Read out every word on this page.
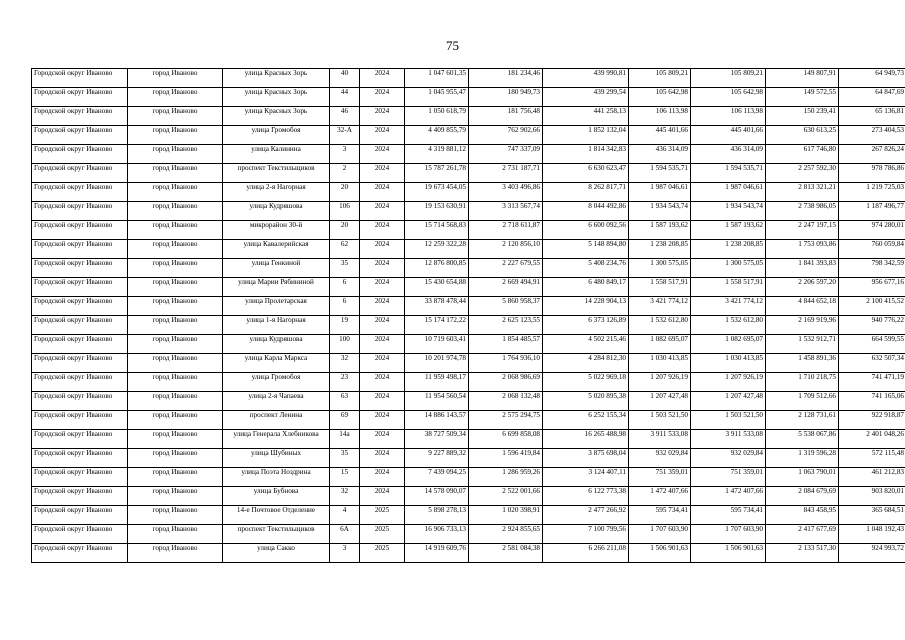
75
Городской округ Иваново	город Иваново	улица Красных Зорь	40	2024	1 047 601,35	181 234,46	439 990,81	105 809,21	105 809,21	149 807,91	64 949,73
Городской округ Иваново	город Иваново	улица Красных Зорь	44	2024	1 045 955,47	180 949,73	439 299,54	105 642,98	105 642,98	149 572,55	64 847,69
Городской округ Иваново	город Иваново	улица Красных Зорь	46	2024	1 050 618,79	181 756,48	441 258,13	106 113,98	106 113,98	150 239,41	65 136,81
Городской округ Иваново	город Иваново	улица Громобоя	32-А	2024	4 409 855,79	762 902,66	1 852 132,04	445 401,66	445 401,66	630 613,25	273 404,53
Городской округ Иваново	город Иваново	улица Калинина	3	2024	4 319 881,12	747 337,09	1 814 342,83	436 314,09	436 314,09	617 746,80	267 826,24
Городской округ Иваново	город Иваново	проспект Текстильщиков	2	2024	15 787 261,78	2 731 187,71	6 630 623,47	1 594 535,71	1 594 535,71	2 257 592,30	978 786,86
Городской округ Иваново	город Иваново	улица 2-я Нагорная	20	2024	19 673 454,05	3 403 496,86	8 262 817,71	1 987 046,61	1 987 046,61	2 813 321,21	1 219 725,03
Городской округ Иваново	город Иваново	улица Кудряшова	106	2024	19 153 630,91	3 313 567,74	8 044 492,86	1 934 543,74	1 934 543,74	2 738 986,05	1 187 496,77
Городской округ Иваново	город Иваново	микрорайон 30-й	20	2024	15 714 568,83	2 718 611,87	6 600 092,56	1 587 193,62	1 587 193,62	2 247 197,15	974 280,01
Городской округ Иваново	город Иваново	улица Кавалерийская	62	2024	12 259 322,28	2 120 856,10	5 148 894,80	1 238 208,85	1 238 208,85	1 753 093,86	760 059,84
Городской округ Иваново	город Иваново	улица Генкиной	35	2024	12 876 800,85	2 227 679,55	5 408 234,76	1 300 575,05	1 300 575,05	1 841 393,83	798 342,59
Городской округ Иваново	город Иваново	улица Марии Рябининой	6	2024	15 430 654,88	2 669 494,91	6 480 849,17	1 558 517,91	1 558 517,91	2 206 597,20	956 677,16
Городской округ Иваново	город Иваново	улица Пролетарская	6	2024	33 878 478,44	5 860 958,37	14 228 904,13	3 421 774,12	3 421 774,12	4 844 652,18	2 100 415,52
Городской округ Иваново	город Иваново	улица 1-я Нагорная	19	2024	15 174 172,22	2 625 123,55	6 373 126,89	1 532 612,80	1 532 612,80	2 169 919,96	940 776,22
Городской округ Иваново	город Иваново	улица Кудряшова	100	2024	10 719 603,41	1 854 485,57	4 502 215,46	1 082 695,07	1 082 695,07	1 532 912,71	664 599,55
Городской округ Иваново	город Иваново	улица Карла Маркса	32	2024	10 201 974,78	1 764 936,10	4 284 812,30	1 030 413,85	1 030 413,85	1 458 891,36	632 507,34
Городской округ Иваново	город Иваново	улица Громобоя	23	2024	11 959 498,17	2 068 986,69	5 022 969,18	1 207 926,19	1 207 926,19	1 710 218,75	741 471,19
Городской округ Иваново	город Иваново	улица 2-я Чапаева	63	2024	11 954 560,54	2 068 132,48	5 020 895,38	1 207 427,48	1 207 427,48	1 709 512,66	741 165,06
Городской округ Иваново	город Иваново	проспект Ленина	69	2024	14 886 143,57	2 575 294,75	6 252 155,34	1 503 521,50	1 503 521,50	2 128 731,61	922 918,87
Городской округ Иваново	город Иваново	улица Генерала Хлебникова	14а	2024	38 727 509,34	6 699 858,08	16 265 488,98	3 911 533,08	3 911 533,08	5 538 067,86	2 401 048,26
Городской округ Иваново	город Иваново	улица Шубиных	35	2024	9 227 889,32	1 596 419,84	3 875 698,04	932 029,84	932 029,84	1 319 596,28	572 115,48
Городской округ Иваново	город Иваново	улица Поэта Ноздрина	15	2024	7 439 094,25	1 286 959,26	3 124 407,11	751 359,01	751 359,01	1 063 790,01	461 212,83
Городской округ Иваново	город Иваново	улица Бубнова	32	2024	14 578 090,07	2 522 001,66	6 122 773,38	1 472 407,66	1 472 407,66	2 084 679,69	903 820,01
Городской округ Иваново	город Иваново	14-е Почтовое Отделение	4	2025	5 898 278,13	1 020 398,91	2 477 266,92	595 734,41	595 734,41	843 458,95	365 684,51
Городской округ Иваново	город Иваново	проспект Текстильщиков	6А	2025	16 906 733,13	2 924 855,65	7 100 799,56	1 707 603,90	1 707 603,90	2 417 677,69	1 048 192,43
Городской округ Иваново	город Иваново	улица Сакко	3	2025	14 919 609,76	2 581 084,38	6 266 211,08	1 506 901,63	1 506 901,63	2 133 517,30	924 993,72
